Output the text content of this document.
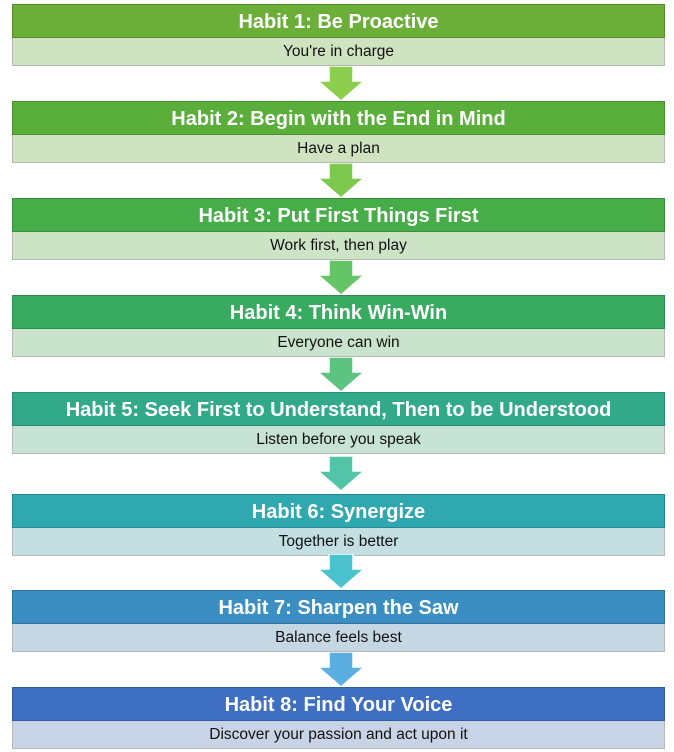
Habit 1: Be Proactive
You're in charge
Habit 2: Begin with the End in Mind
Have a plan
Habit 3: Put First Things First
Work first, then play
Habit 4: Think Win-Win
Everyone can win
Habit 5: Seek First to Understand, Then to be Understood
Listen before you speak
Habit 6: Synergize
Together is better
Habit 7: Sharpen the Saw
Balance feels best
Habit 8: Find Your Voice
Discover your passion and act upon it
